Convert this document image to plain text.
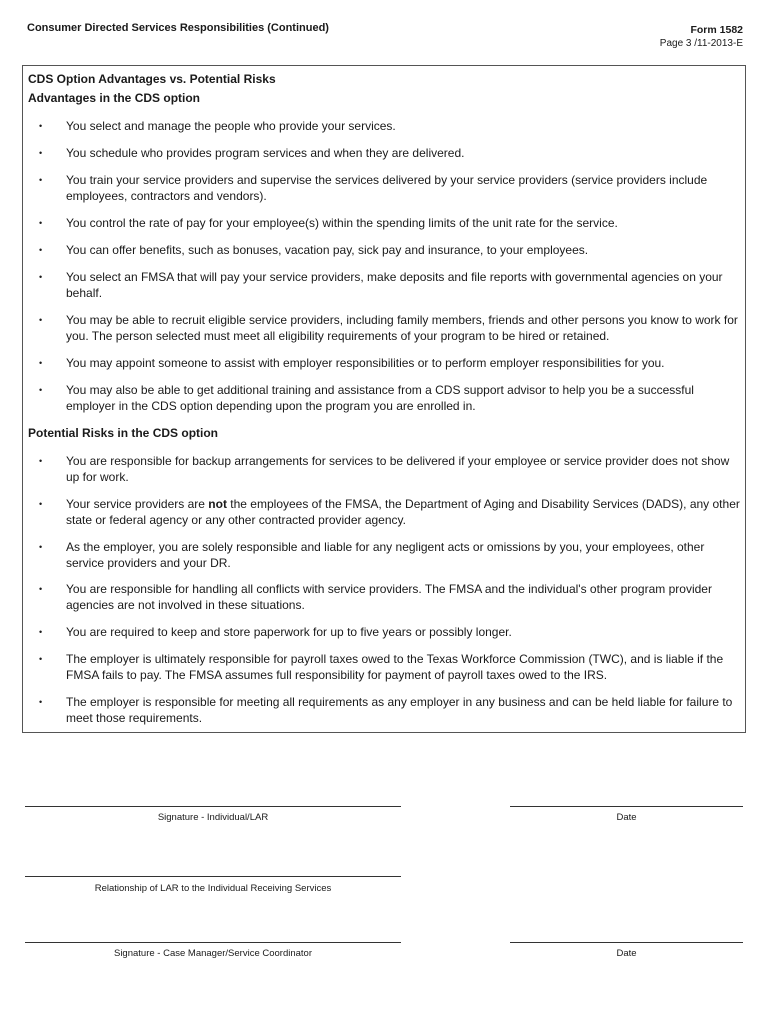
Consumer Directed Services Responsibilities (Continued)	Form 1582
Page 3 /11-2013-E
CDS Option Advantages vs. Potential Risks
Advantages in the CDS option
• You select and manage the people who provide your services.
• You schedule who provides program services and when they are delivered.
• You train your service providers and supervise the services delivered by your service providers (service providers include employees, contractors and vendors).
• You control the rate of pay for your employee(s) within the spending limits of the unit rate for the service.
• You can offer benefits, such as bonuses, vacation pay, sick pay and insurance, to your employees.
• You select an FMSA that will pay your service providers, make deposits and file reports with governmental agencies on your behalf.
• You may be able to recruit eligible service providers, including family members, friends and other persons you know to work for you. The person selected must meet all eligibility requirements of your program to be hired or retained.
• You may appoint someone to assist with employer responsibilities or to perform employer responsibilities for you.
• You may also be able to get additional training and assistance from a CDS support advisor to help you be a successful employer in the CDS option depending upon the program you are enrolled in.
Potential Risks in the CDS option
• You are responsible for backup arrangements for services to be delivered if your employee or service provider does not show up for work.
• Your service providers are not the employees of the FMSA, the Department of Aging and Disability Services (DADS), any other state or federal agency or any other contracted provider agency.
• As the employer, you are solely responsible and liable for any negligent acts or omissions by you, your employees, other service providers and your DR.
• You are responsible for handling all conflicts with service providers. The FMSA and the individual's other program provider agencies are not involved in these situations.
• You are required to keep and store paperwork for up to five years or possibly longer.
• The employer is ultimately responsible for payroll taxes owed to the Texas Workforce Commission (TWC), and is liable if the FMSA fails to pay. The FMSA assumes full responsibility for payment of payroll taxes owed to the IRS.
• The employer is responsible for meeting all requirements as any employer in any business and can be held liable for failure to meet those requirements.
Signature - Individual/LAR	Date
Relationship of LAR to the Individual Receiving Services
Signature - Case Manager/Service Coordinator	Date
